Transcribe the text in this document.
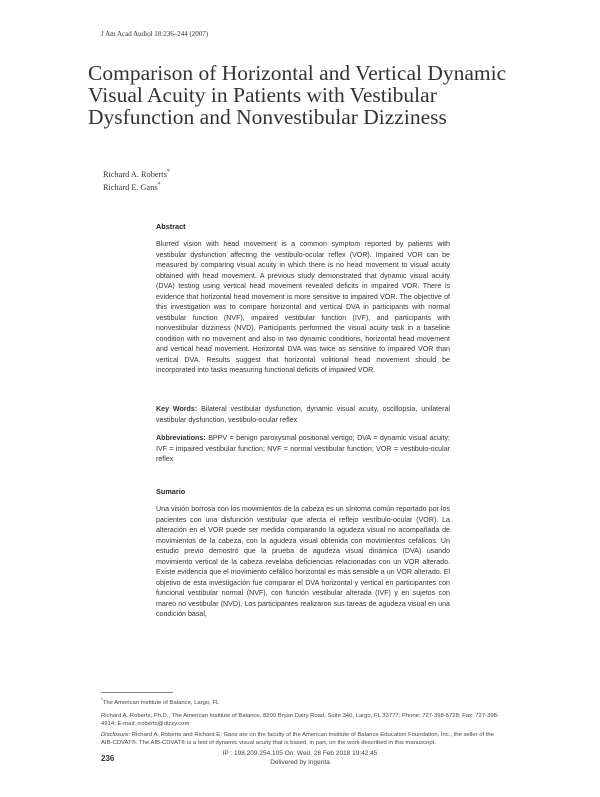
J Am Acad Audiol 18:236–244 (2007)
Comparison of Horizontal and Vertical Dynamic Visual Acuity in Patients with Vestibular Dysfunction and Nonvestibular Dizziness
Richard A. Roberts*
Richard E. Gans*
Abstract
Blurred vision with head movement is a common symptom reported by patients with vestibular dysfunction affecting the vestibulo-ocular reflex (VOR). Impaired VOR can be measured by comparing visual acuity in which there is no head movement to visual acuity obtained with head movement. A previous study demonstrated that dynamic visual acuity (DVA) testing using vertical head movement revealed deficits in impaired VOR. There is evidence that horizontal head movement is more sensitive to impaired VOR. The objective of this investigation was to compare horizontal and vertical DVA in participants with normal vestibular function (NVF), impaired vestibular function (IVF), and participants with nonvestibular dizziness (NVD). Participants performed the visual acuity task in a baseline condition with no movement and also in two dynamic conditions, horizontal head movement and vertical head movement. Horizontal DVA was twice as sensitive to impaired VOR than vertical DVA. Results suggest that horizontal volitional head movement should be incorporated into tasks measuring functional deficits of impaired VOR.
Key Words: Bilateral vestibular dysfunction, dynamic visual acuity, oscillopsia, unilateral vestibular dysfunction, vestibulo-ocular reflex
Abbreviations: BPPV = benign paroxysmal positional vertigo; DVA = dynamic visual acuity; IVF = impaired vestibular function; NVF = normal vestibular function; VOR = vestibulo-ocular reflex
Sumario
Una visión borrosa con los movimientos de la cabeza es un síntoma común reportado por los pacientes con una disfunción vestibular que afecta el reflejo vestíbulo-ocular (VOR). La alteración en el VOR puede ser medida comparando la agudeza visual no acompañada de movimientos de la cabeza, con la agudeza visual obtenida con movimientos cefálicos. Un estudio previo demostró que la prueba de agudeza visual dinámica (DVA) usando movimiento vertical de la cabeza revelaba deficiencias relacionadas con un VOR alterado. Existe evidencia que el movimiento cefálico horizontal es más sensible a un VOR alterado. El objetivo de esta investigación fue comparar el DVA horizontal y vertical en participantes con funcional vestibular normal (NVF), con función vestibular alterada (IVF) y en sujetos con mareo no vestibular (NVD). Los participantes realizaron sus tareas de agudeza visual en una condición basal,
*The American Institute of Balance, Largo, FL
Richard A. Roberts, Ph.D., The American Institute of Balance, 8200 Bryan Dairy Road, Suite 340, Largo, FL 33777; Phone: 727-398-5728; Fax: 727-398-4914; E-mail: rroberts@dizzy.com
Disclosure: Richard A. Roberts and Richard E. Gans are on the faculty of the American Institute of Balance Education Foundation, Inc., the seller of the AIB-CDVAT®. The AIB-CDVAT® is a test of dynamic visual acuity that is based, in part, on the work described in this manuscript.
236
IP : 198.209.254.105 On: Wed, 28 Feb 2018 19:42:45
Delivered by Ingenta
